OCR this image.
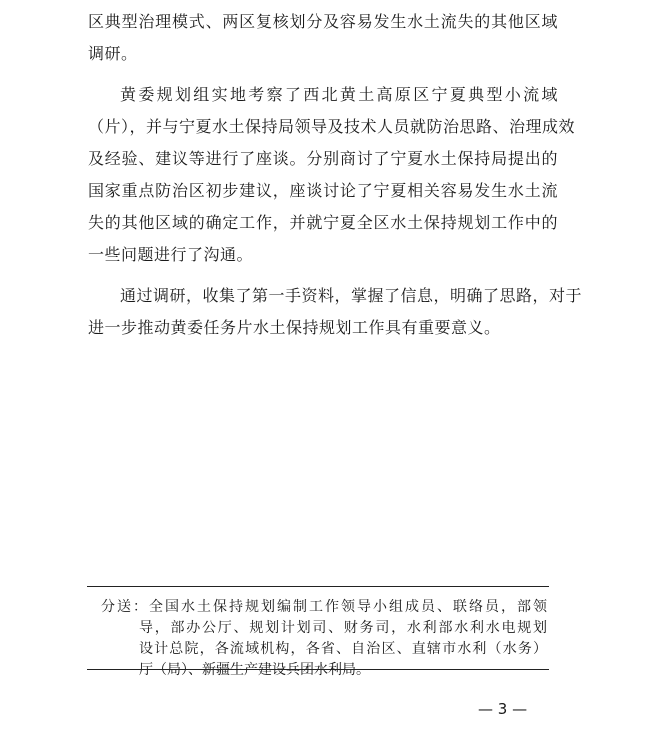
区典型治理模式、两区复核划分及容易发生水土流失的其他区域
调研。
黄委规划组实地考察了西北黄土高原区宁夏典型小流域
（片），并与宁夏水土保持局领导及技术人员就防治思路、治理成效
及经验、建议等进行了座谈。分别商讨了宁夏水土保持局提出的
国家重点防治区初步建议，座谈讨论了宁夏相关容易发生水土流
失的其他区域的确定工作，并就宁夏全区水土保持规划工作中的
一些问题进行了沟通。
通过调研，收集了第一手资料，掌握了信息，明确了思路，对于
进一步推动黄委任务片水土保持规划工作具有重要意义。
分送：全国水土保持规划编制工作领导小组成员、联络员，部领
导，部办公厅、规划计划司、财务司，水利部水利水电规划
设计总院，各流域机构，各省、自治区、直辖市水利（水务）
厅（局）、新疆生产建设兵团水利局。
— 3 —
